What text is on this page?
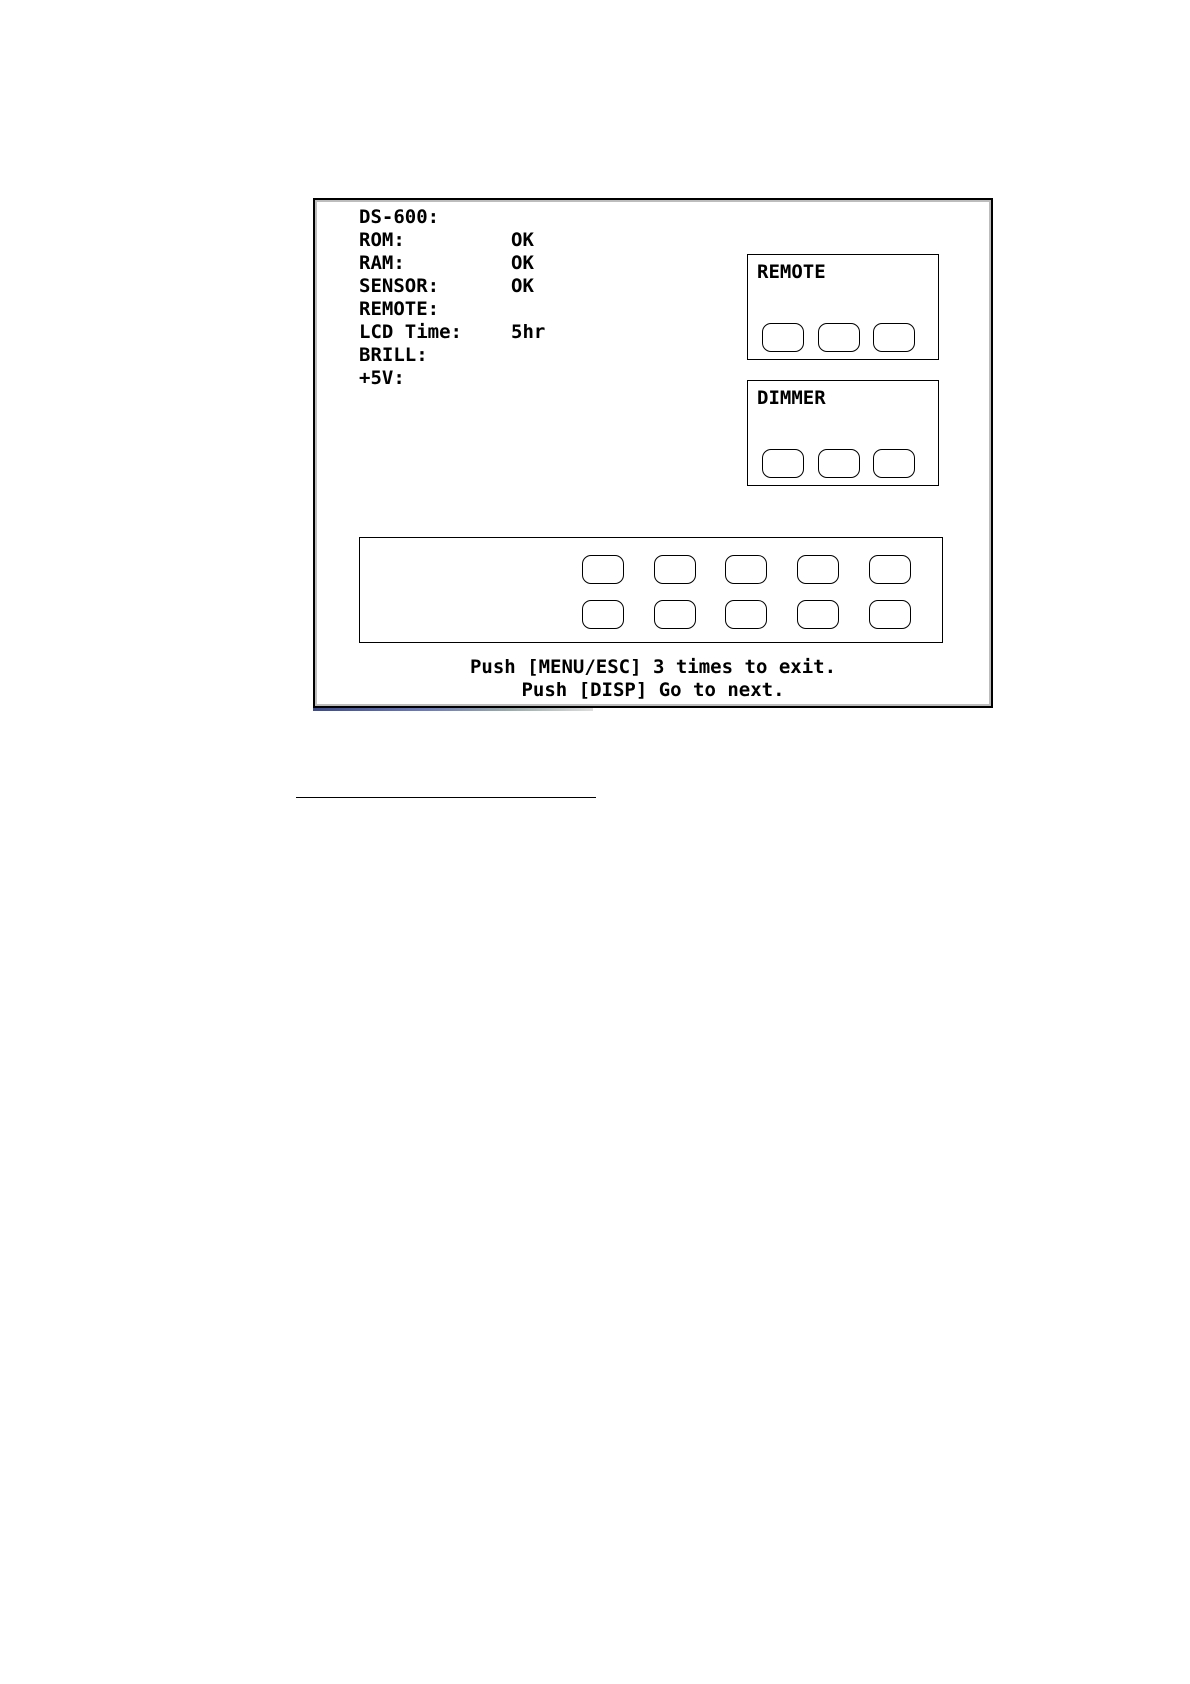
DS-600:
ROM:	OK
RAM:	OK
SENSOR:	OK
REMOTE:
LCD Time:	5hr
BRILL:
+5V:
REMOTE
DIMMER
Push [MENU/ESC] 3 times to exit.
Push [DISP] Go to next.
